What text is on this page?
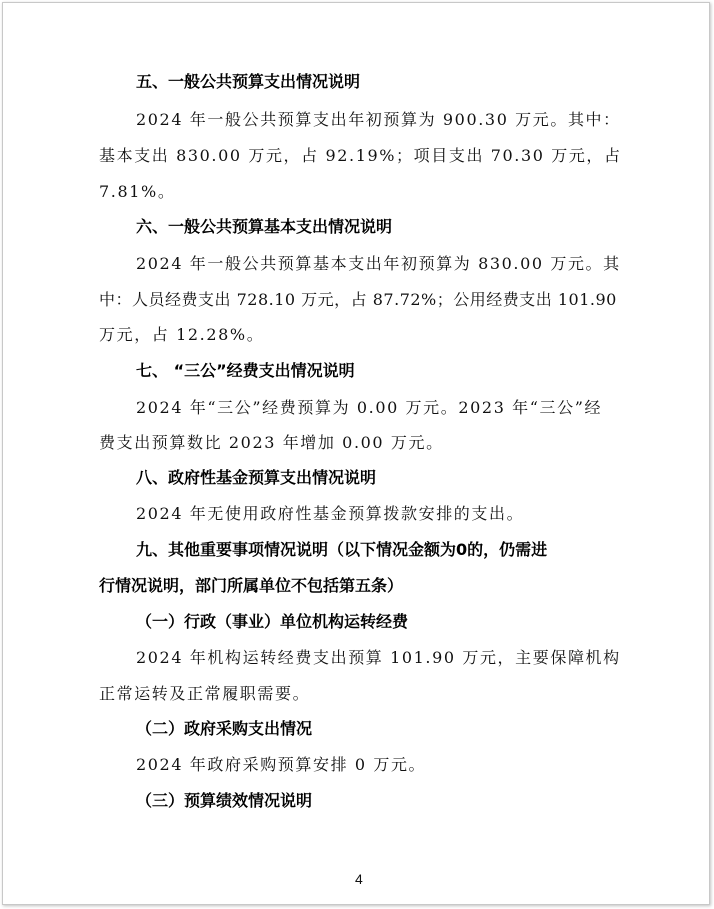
五、一般公共预算支出情况说明
2024 年一般公共预算支出年初预算为 900.30 万元。其中：
基本支出 830.00 万元，占 92.19%；项目支出 70.30 万元，占
7.81%。
六、一般公共预算基本支出情况说明
2024 年一般公共预算基本支出年初预算为 830.00 万元。其
中：人员经费支出 728.10 万元，占 87.72%；公用经费支出 101.90
万元，占 12.28%。
七、 “三公”经费支出情况说明
2024 年“三公”经费预算为 0.00 万元。2023 年“三公”经
费支出预算数比 2023 年增加 0.00 万元。
八、政府性基金预算支出情况说明
2024 年无使用政府性基金预算拨款安排的支出。
九、其他重要事项情况说明（以下情况金额为0的，仍需进
行情况说明，部门所属单位不包括第五条）
（一）行政（事业）单位机构运转经费
2024 年机构运转经费支出预算 101.90 万元，主要保障机构
正常运转及正常履职需要。
（二）政府采购支出情况
2024 年政府采购预算安排 0 万元。
（三）预算绩效情况说明
4
